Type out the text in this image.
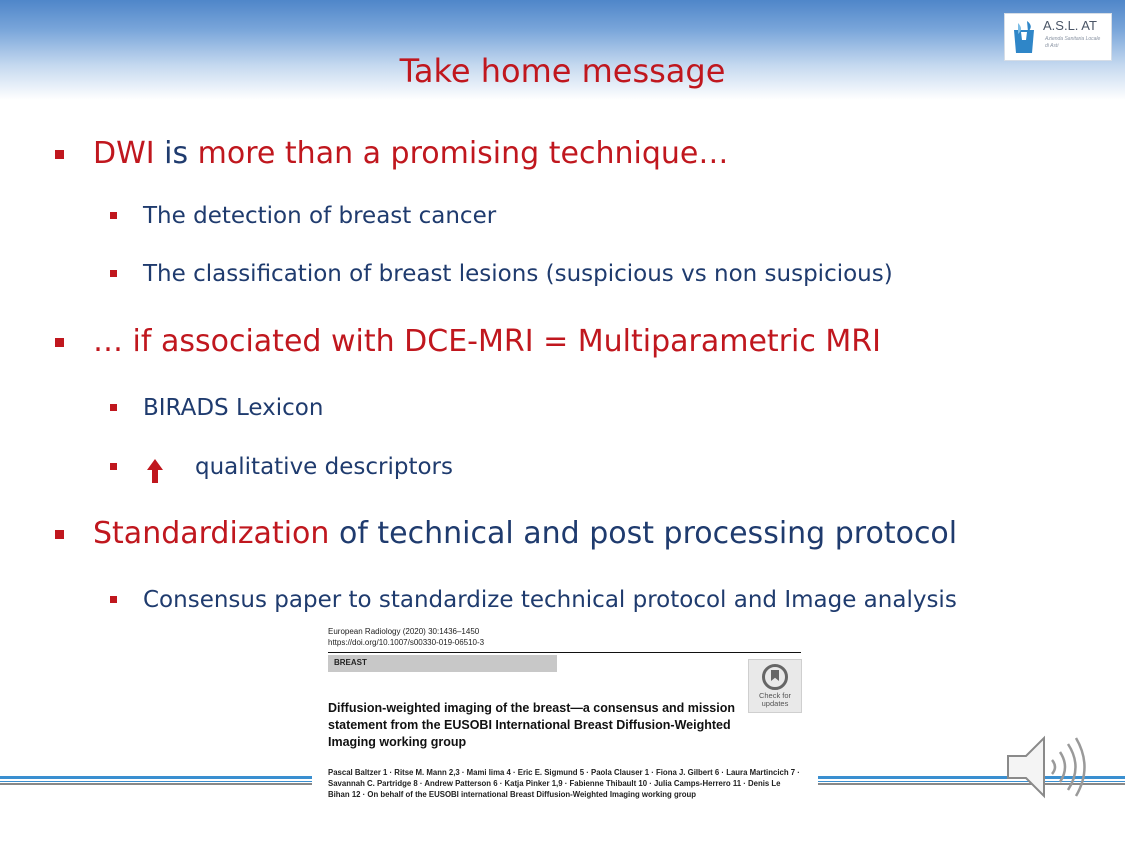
Take home message
A.S.L. AT
Azienda Sanitaria Locale
di Asti
DWI is more than a promising technique…
The detection of breast cancer
The classification of breast lesions (suspicious vs non suspicious)
… if associated with DCE-MRI = Multiparametric MRI
BIRADS Lexicon
qualitative descriptors
Standardization of technical and post processing protocol
Consensus paper to standardize technical protocol and Image analysis
European Radiology (2020) 30:1436–1450
https://doi.org/10.1007/s00330-019-06510-3
BREAST
Check for
updates
Diffusion-weighted imaging of the breast—a consensus and mission statement from the EUSOBI International Breast Diffusion-Weighted Imaging working group
Pascal Baltzer 1 · Ritse M. Mann 2,3 · Mami Iima 4 · Eric E. Sigmund 5 · Paola Clauser 1 · Fiona J. Gilbert 6 · Laura Martincich 7 · Savannah C. Partridge 8 · Andrew Patterson 6 · Katja Pinker 1,9 · Fabienne Thibault 10 · Julia Camps-Herrero 11 · Denis Le Bihan 12 · On behalf of the EUSOBI international Breast Diffusion-Weighted Imaging working group
